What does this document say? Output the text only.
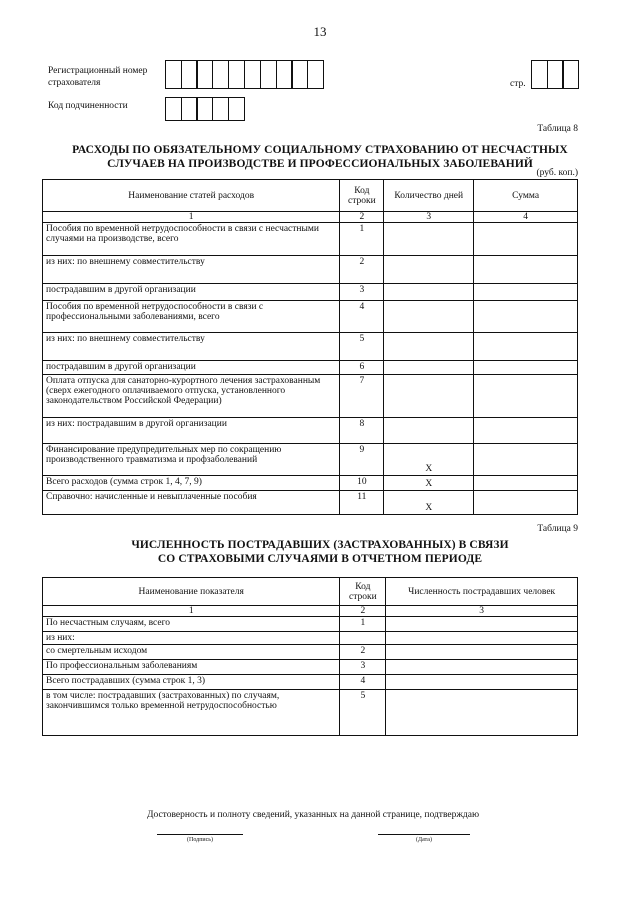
13
Регистрационный номер
страхователя	стр.
Код подчиненности
Таблица 8
РАСХОДЫ ПО ОБЯЗАТЕЛЬНОМУ СОЦИАЛЬНОМУ СТРАХОВАНИЮ ОТ НЕСЧАСТНЫХ
СЛУЧАЕВ НА ПРОИЗВОДСТВЕ И ПРОФЕССИОНАЛЬНЫХ ЗАБОЛЕВАНИЙ
(руб. коп.)
Наименование статей расходов	Код строки	Количество дней	Сумма
1	2	3	4
Пособия по временной нетрудоспособности в связи с несчастными случаями на производстве, всего	1		
из них: по внешнему совместительству	2		
пострадавшим в другой организации	3		
Пособия по временной нетрудоспособности в связи с профессиональными заболеваниями, всего	4		
из них: по внешнему совместительству	5		
пострадавшим в другой организации	6		
Оплата отпуска для санаторно-курортного лечения застрахованным (сверх ежегодного оплачиваемого отпуска, установленного законодательством Российской Федерации)	7		
из них: пострадавшим в другой организации	8		
Финансирование предупредительных мер по сокращению производственного травматизма и профзаболеваний	9	X	
Всего расходов (сумма строк 1, 4, 7, 9)	10	X	
Справочно: начисленные и невыплаченные пособия	11	X	
Таблица 9
ЧИСЛЕННОСТЬ ПОСТРАДАВШИХ (ЗАСТРАХОВАННЫХ) В СВЯЗИ
СО СТРАХОВЫМИ СЛУЧАЯМИ В ОТЧЕТНОМ ПЕРИОДЕ
Наименование показателя	Код строки	Численность пострадавших человек
1	2	3
По несчастным случаям, всего	1	
из них:		
со смертельным исходом	2	
По профессиональным заболеваниям	3	
Всего пострадавших (сумма строк 1, 3)	4	
в том числе: пострадавших (застрахованных) по случаям, закончившимся только временной нетрудоспособностью	5	
Достоверность и полноту сведений, указанных на данной странице, подтверждаю
(Подпись)	(Дата)
